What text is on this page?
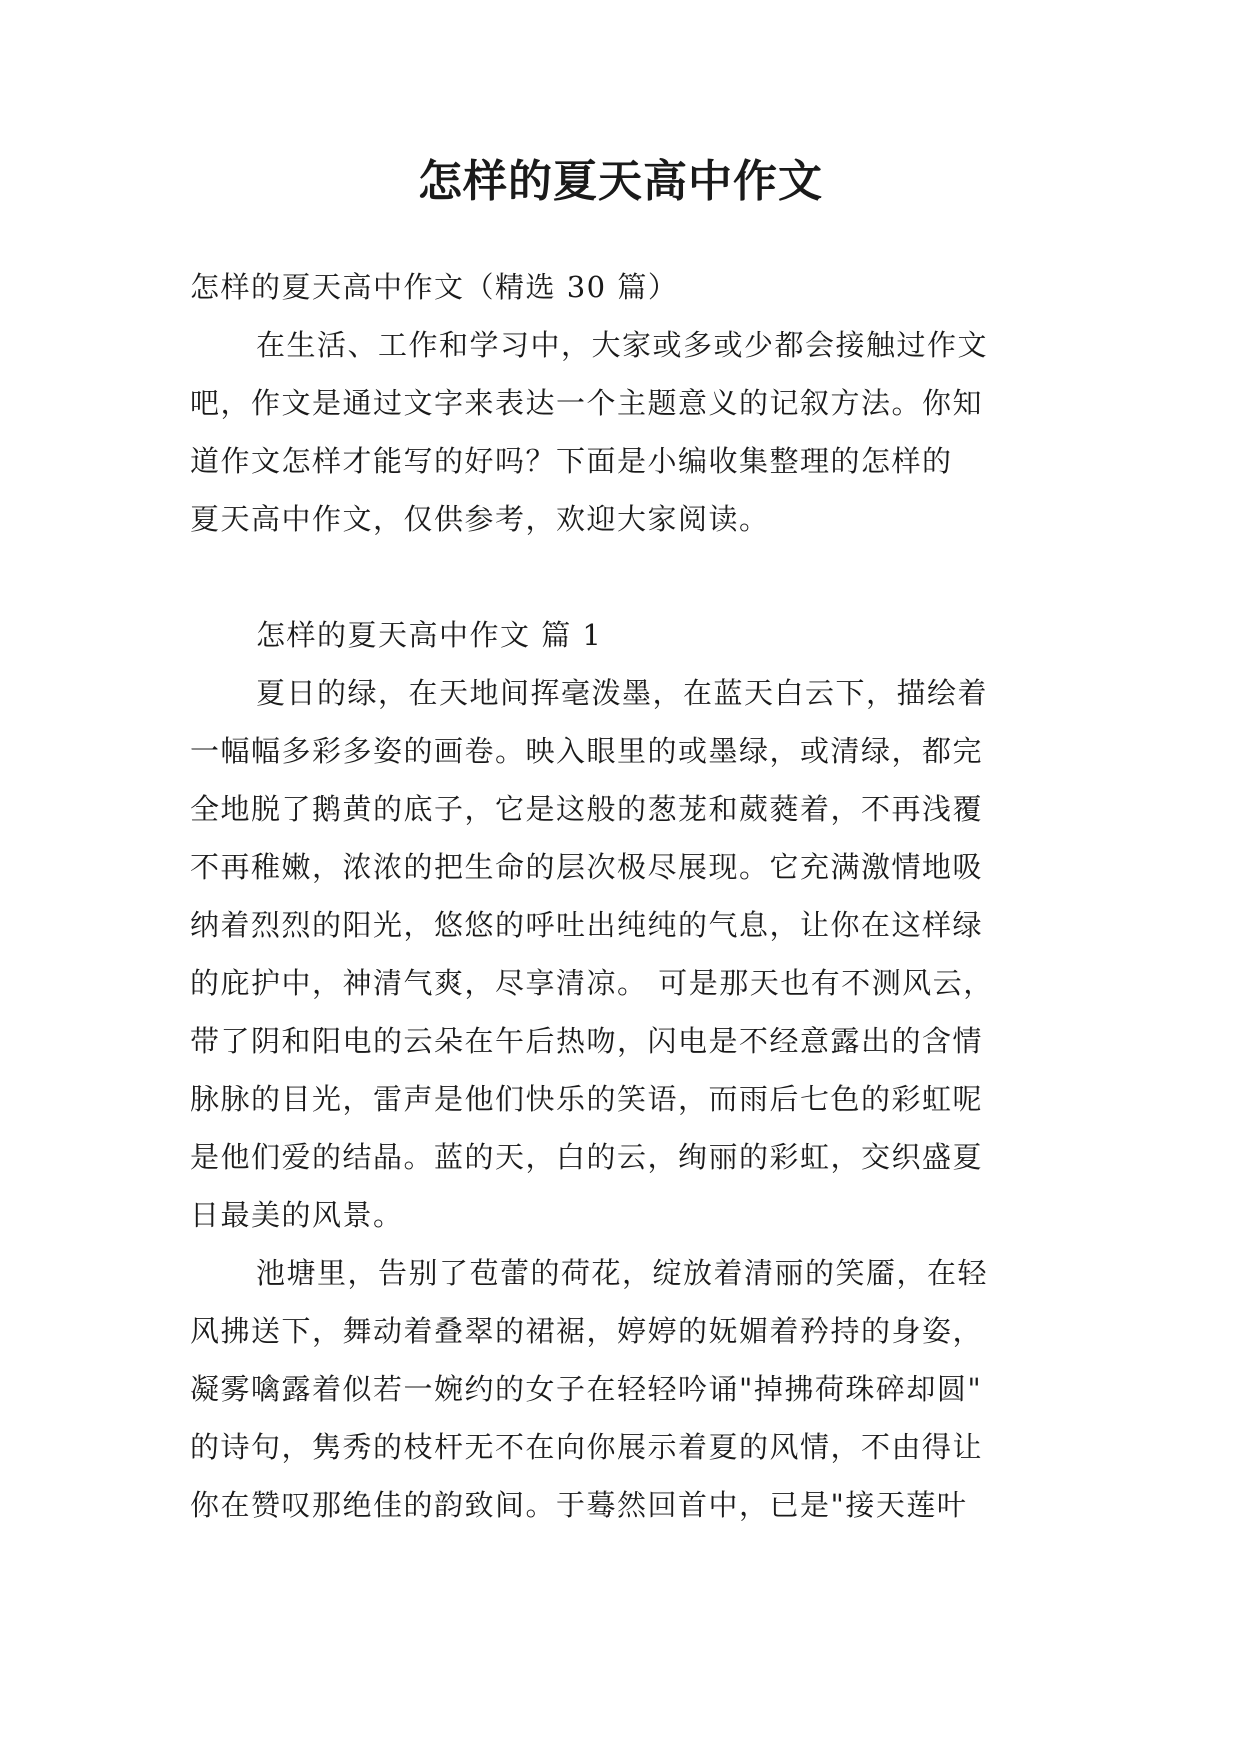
怎样的夏天高中作文
怎样的夏天高中作文（精选 30 篇）
在生活、工作和学习中，大家或多或少都会接触过作文
吧，作文是通过文字来表达一个主题意义的记叙方法。你知
道作文怎样才能写的好吗？下面是小编收集整理的怎样的
夏天高中作文，仅供参考，欢迎大家阅读。
怎样的夏天高中作文 篇 1
夏日的绿，在天地间挥毫泼墨，在蓝天白云下，描绘着
一幅幅多彩多姿的画卷。映入眼里的或墨绿，或清绿，都完
全地脱了鹅黄的底子，它是这般的葱茏和葳蕤着，不再浅覆
不再稚嫩，浓浓的把生命的层次极尽展现。它充满激情地吸
纳着烈烈的阳光，悠悠的呼吐出纯纯的气息，让你在这样绿
的庇护中，神清气爽，尽享清凉。 可是那天也有不测风云，
带了阴和阳电的云朵在午后热吻，闪电是不经意露出的含情
脉脉的目光，雷声是他们快乐的笑语，而雨后七色的彩虹呢
是他们爱的结晶。蓝的天，白的云，绚丽的彩虹，交织盛夏
日最美的风景。
池塘里，告别了苞蕾的荷花，绽放着清丽的笑靥，在轻
风拂送下，舞动着叠翠的裙裾，婷婷的妩媚着矜持的身姿，
凝雾噙露着似若一婉约的女子在轻轻吟诵"掉拂荷珠碎却圆"
的诗句，隽秀的枝杆无不在向你展示着夏的风情，不由得让
你在赞叹那绝佳的韵致间。于蓦然回首中，已是"接天莲叶
